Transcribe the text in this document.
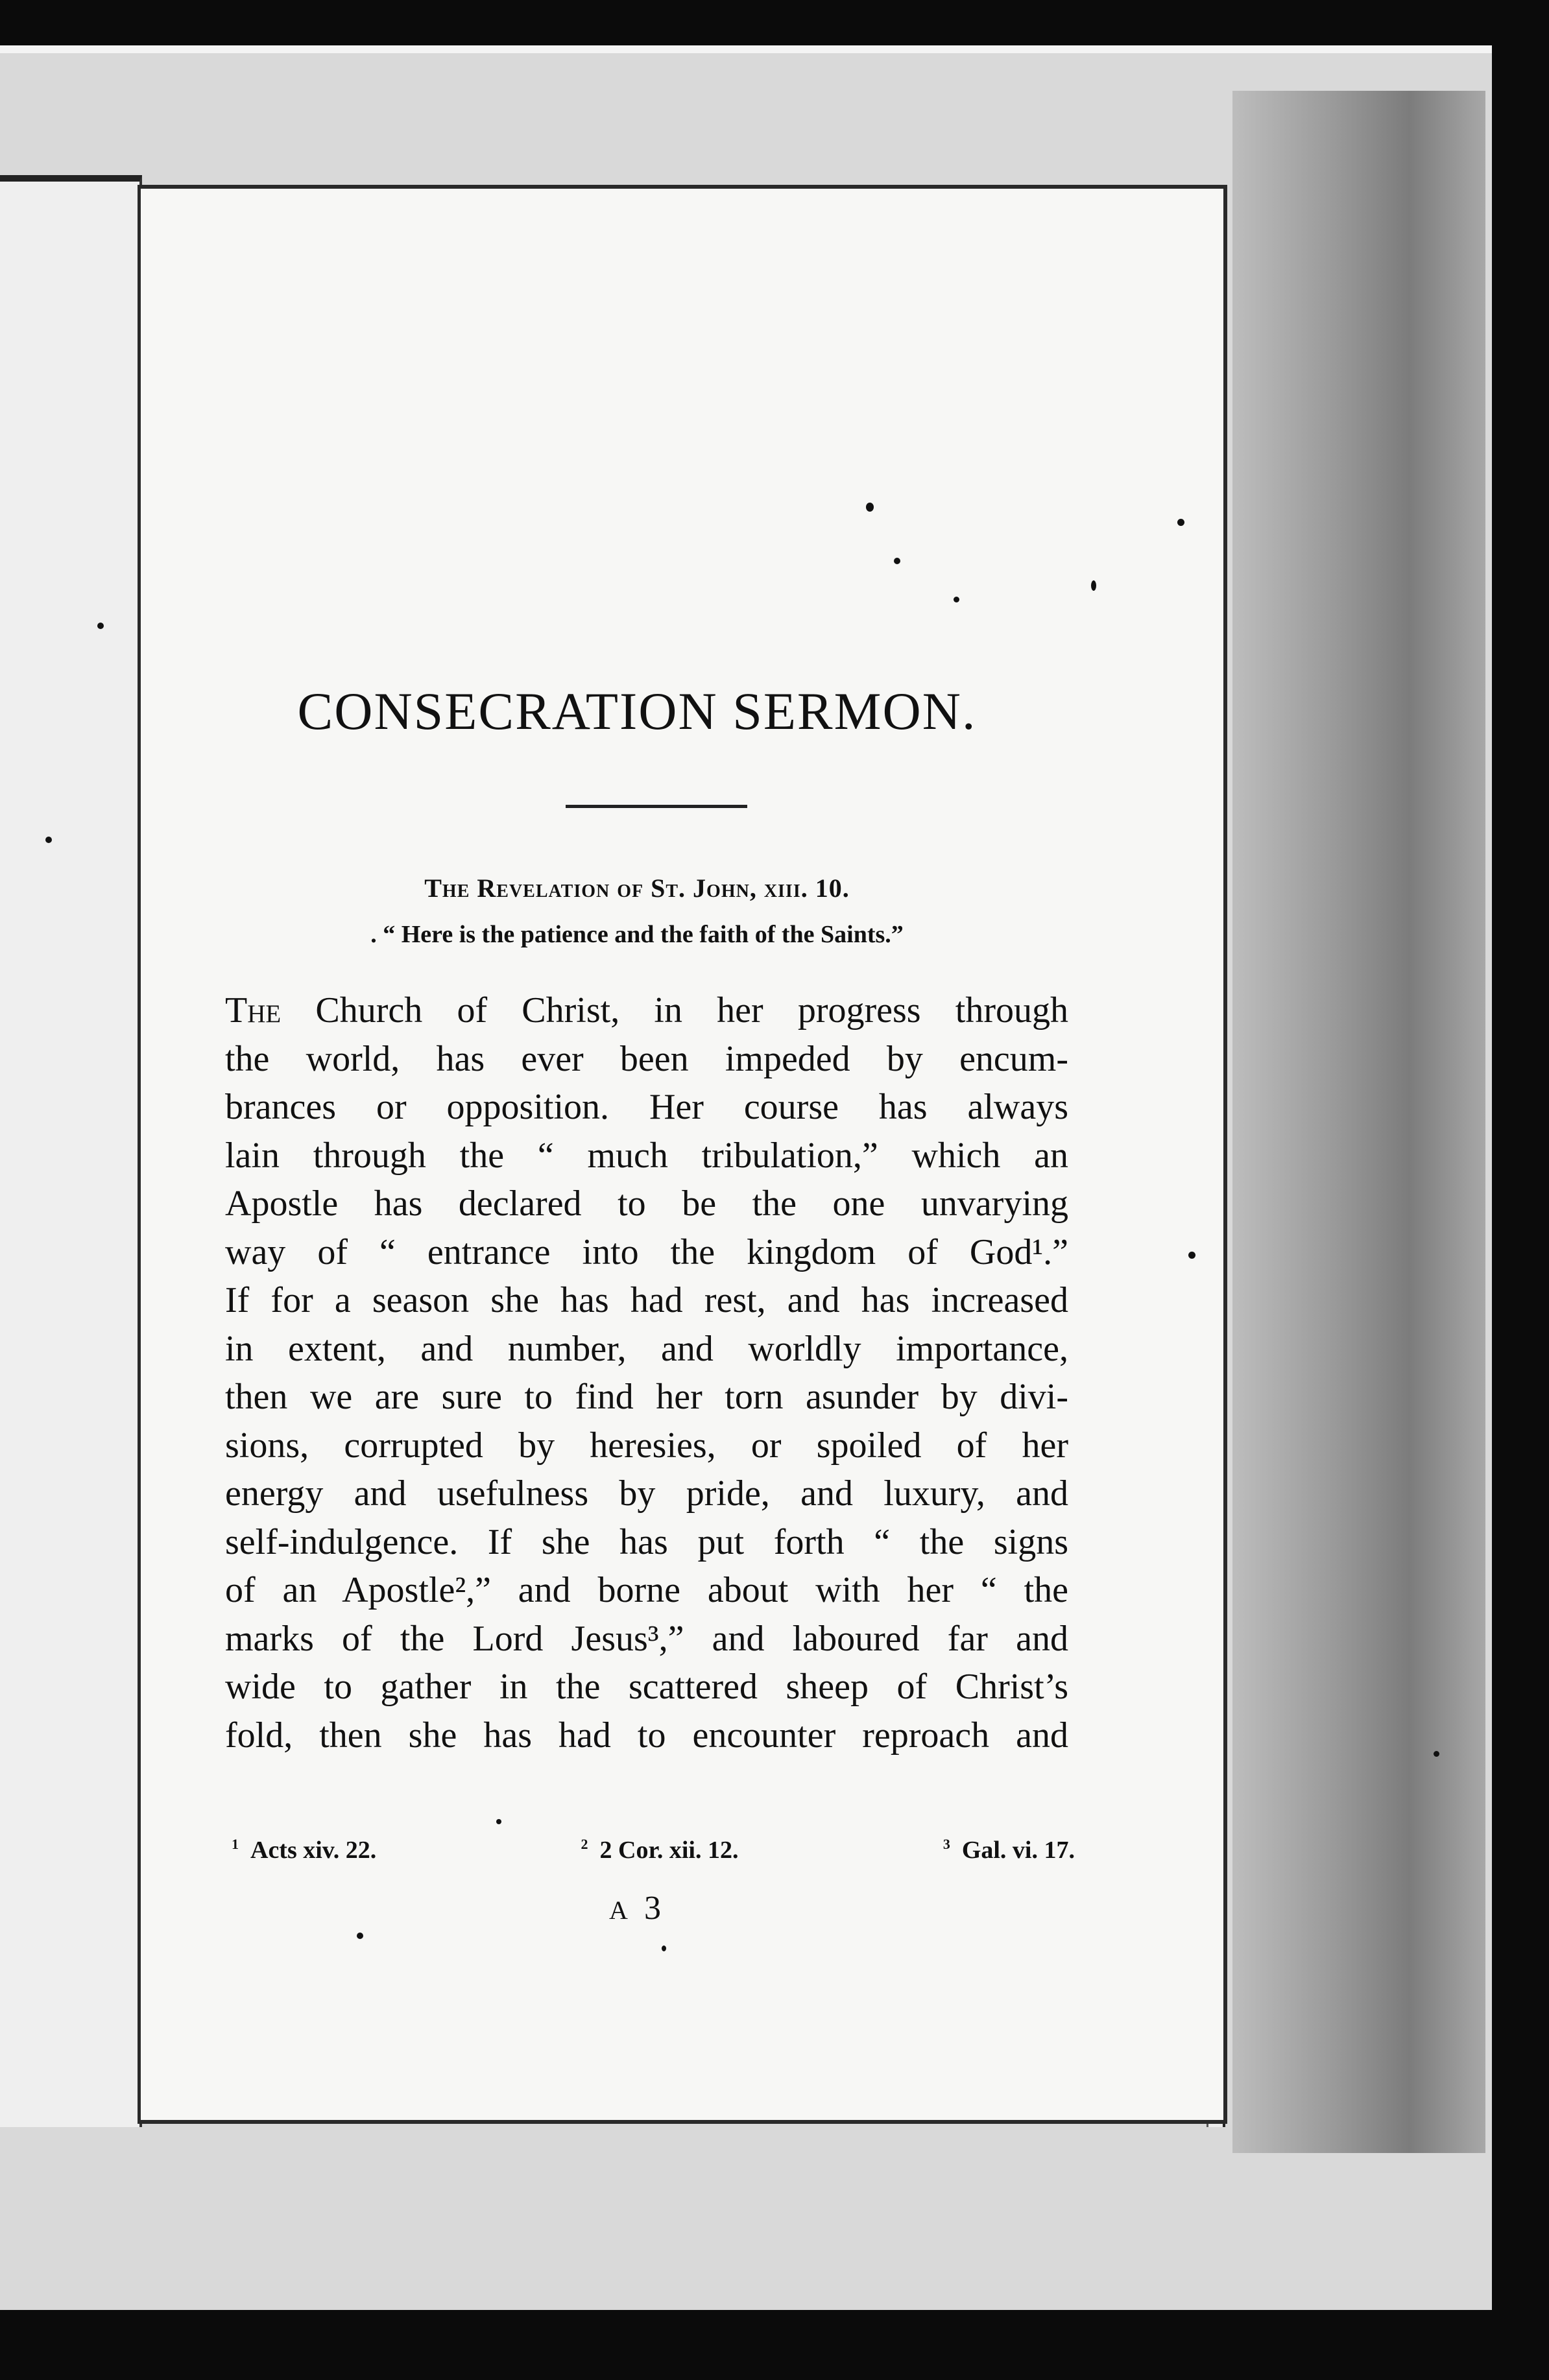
CONSECRATION SERMON.
The Revelation of St. John, xiii. 10.
. “ Here is the patience and the faith of the Saints.”
The Church of Christ, in her progress through
the world, has ever been impeded by encum-
brances or opposition. Her course has always
lain through the “ much tribulation,” which an
Apostle has declared to be the one unvarying
way of “ entrance into the kingdom of God¹.”
If for a season she has had rest, and has increased
in extent, and number, and worldly importance,
then we are sure to find her torn asunder by divi-
sions, corrupted by heresies, or spoiled of her
energy and usefulness by pride, and luxury, and
self-indulgence. If she has put forth “ the signs
of an Apostle²,” and borne about with her “ the
marks of the Lord Jesus³,” and laboured far and
wide to gather in the scattered sheep of Christ’s
fold, then she has had to encounter reproach and
$^1$ Acts xiv. 22.	$^2$ 2 Cor. xii. 12.	$^3$ Gal. vi. 17.
A 3
